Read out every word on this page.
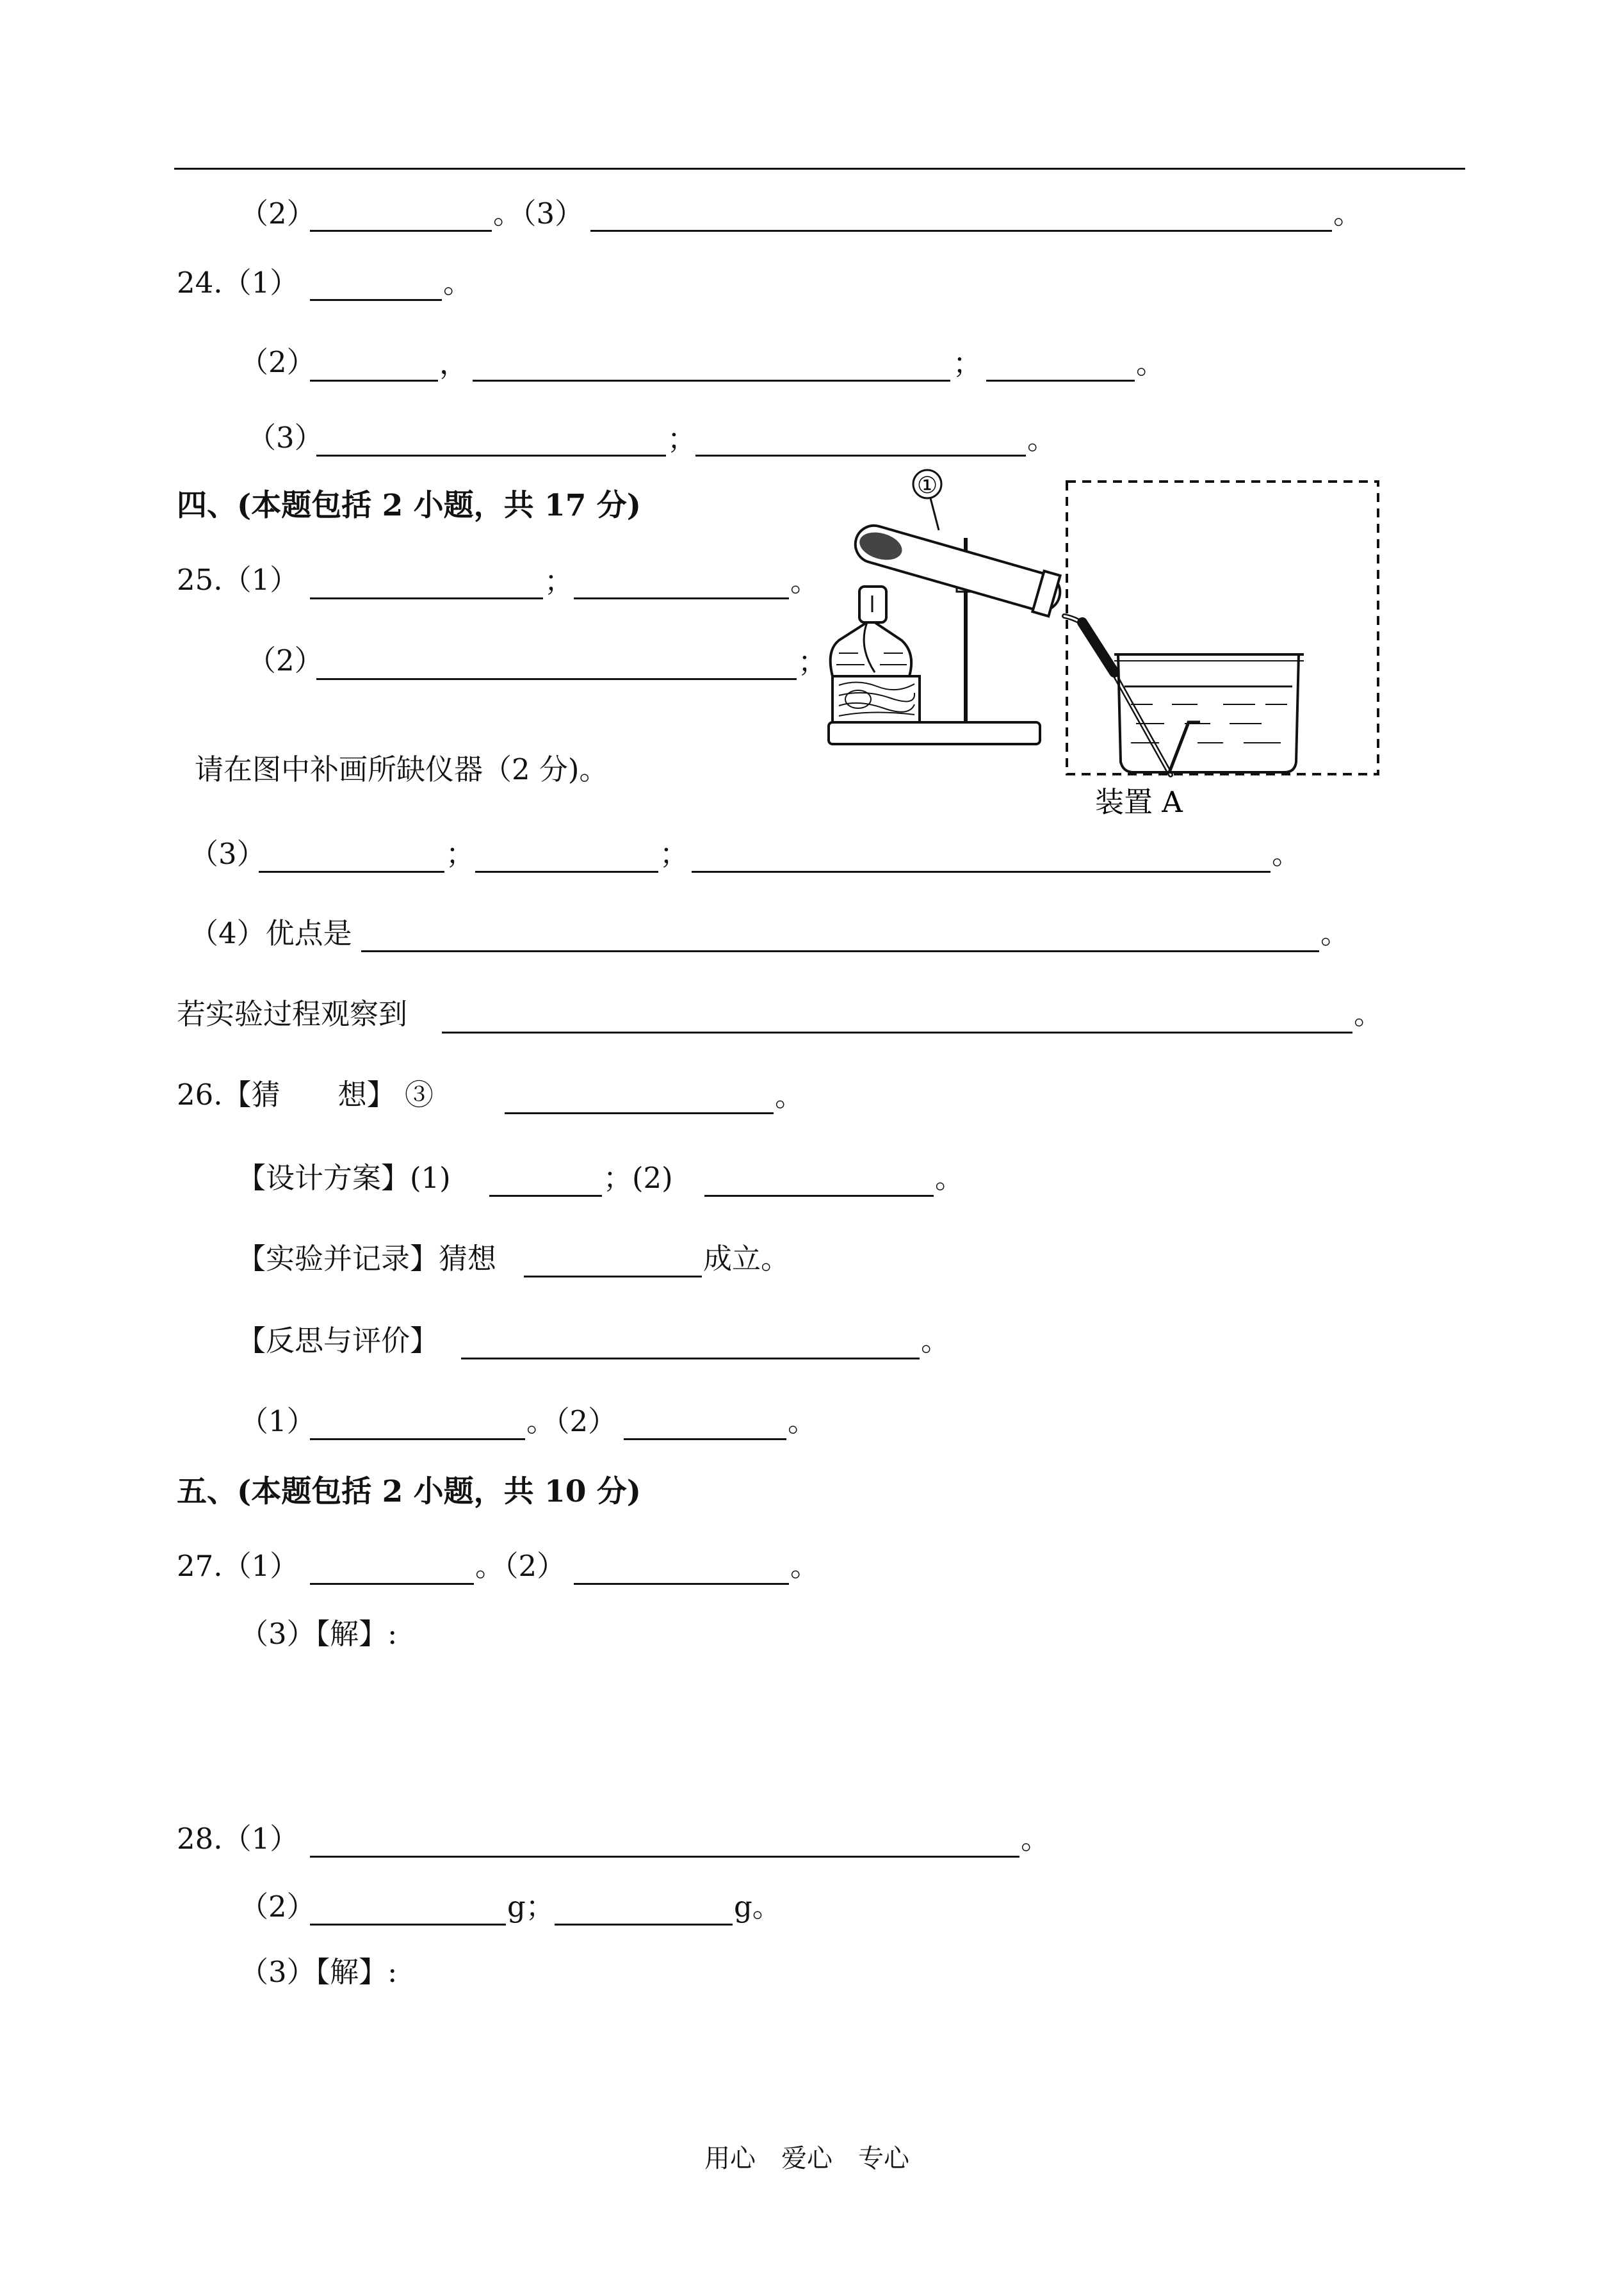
（2）	。（3）	。
24.（1）	。
（2）	，	；	。
（3）	；	。
四、(本题包括 2 小题，共 17 分)
25.（1）	；	。
（2）	；
请在图中补画所缺仪器（2 分)。
①
装置 A
（3）	；	；	。
（4）优点是	。
若实验过程观察到	。
26.【猜　　想】 ③	。
【设计方案】(1)	；(2)	。
【实验并记录】猜想	成立。
【反思与评价】	。
（1）	。（2）	。
五、(本题包括 2 小题，共 10 分)
27.（1）	。（2）	。
（3）【解】:
28.（1）	。
（2）	g；	g。
（3）【解】:
用心　爱心　专心
